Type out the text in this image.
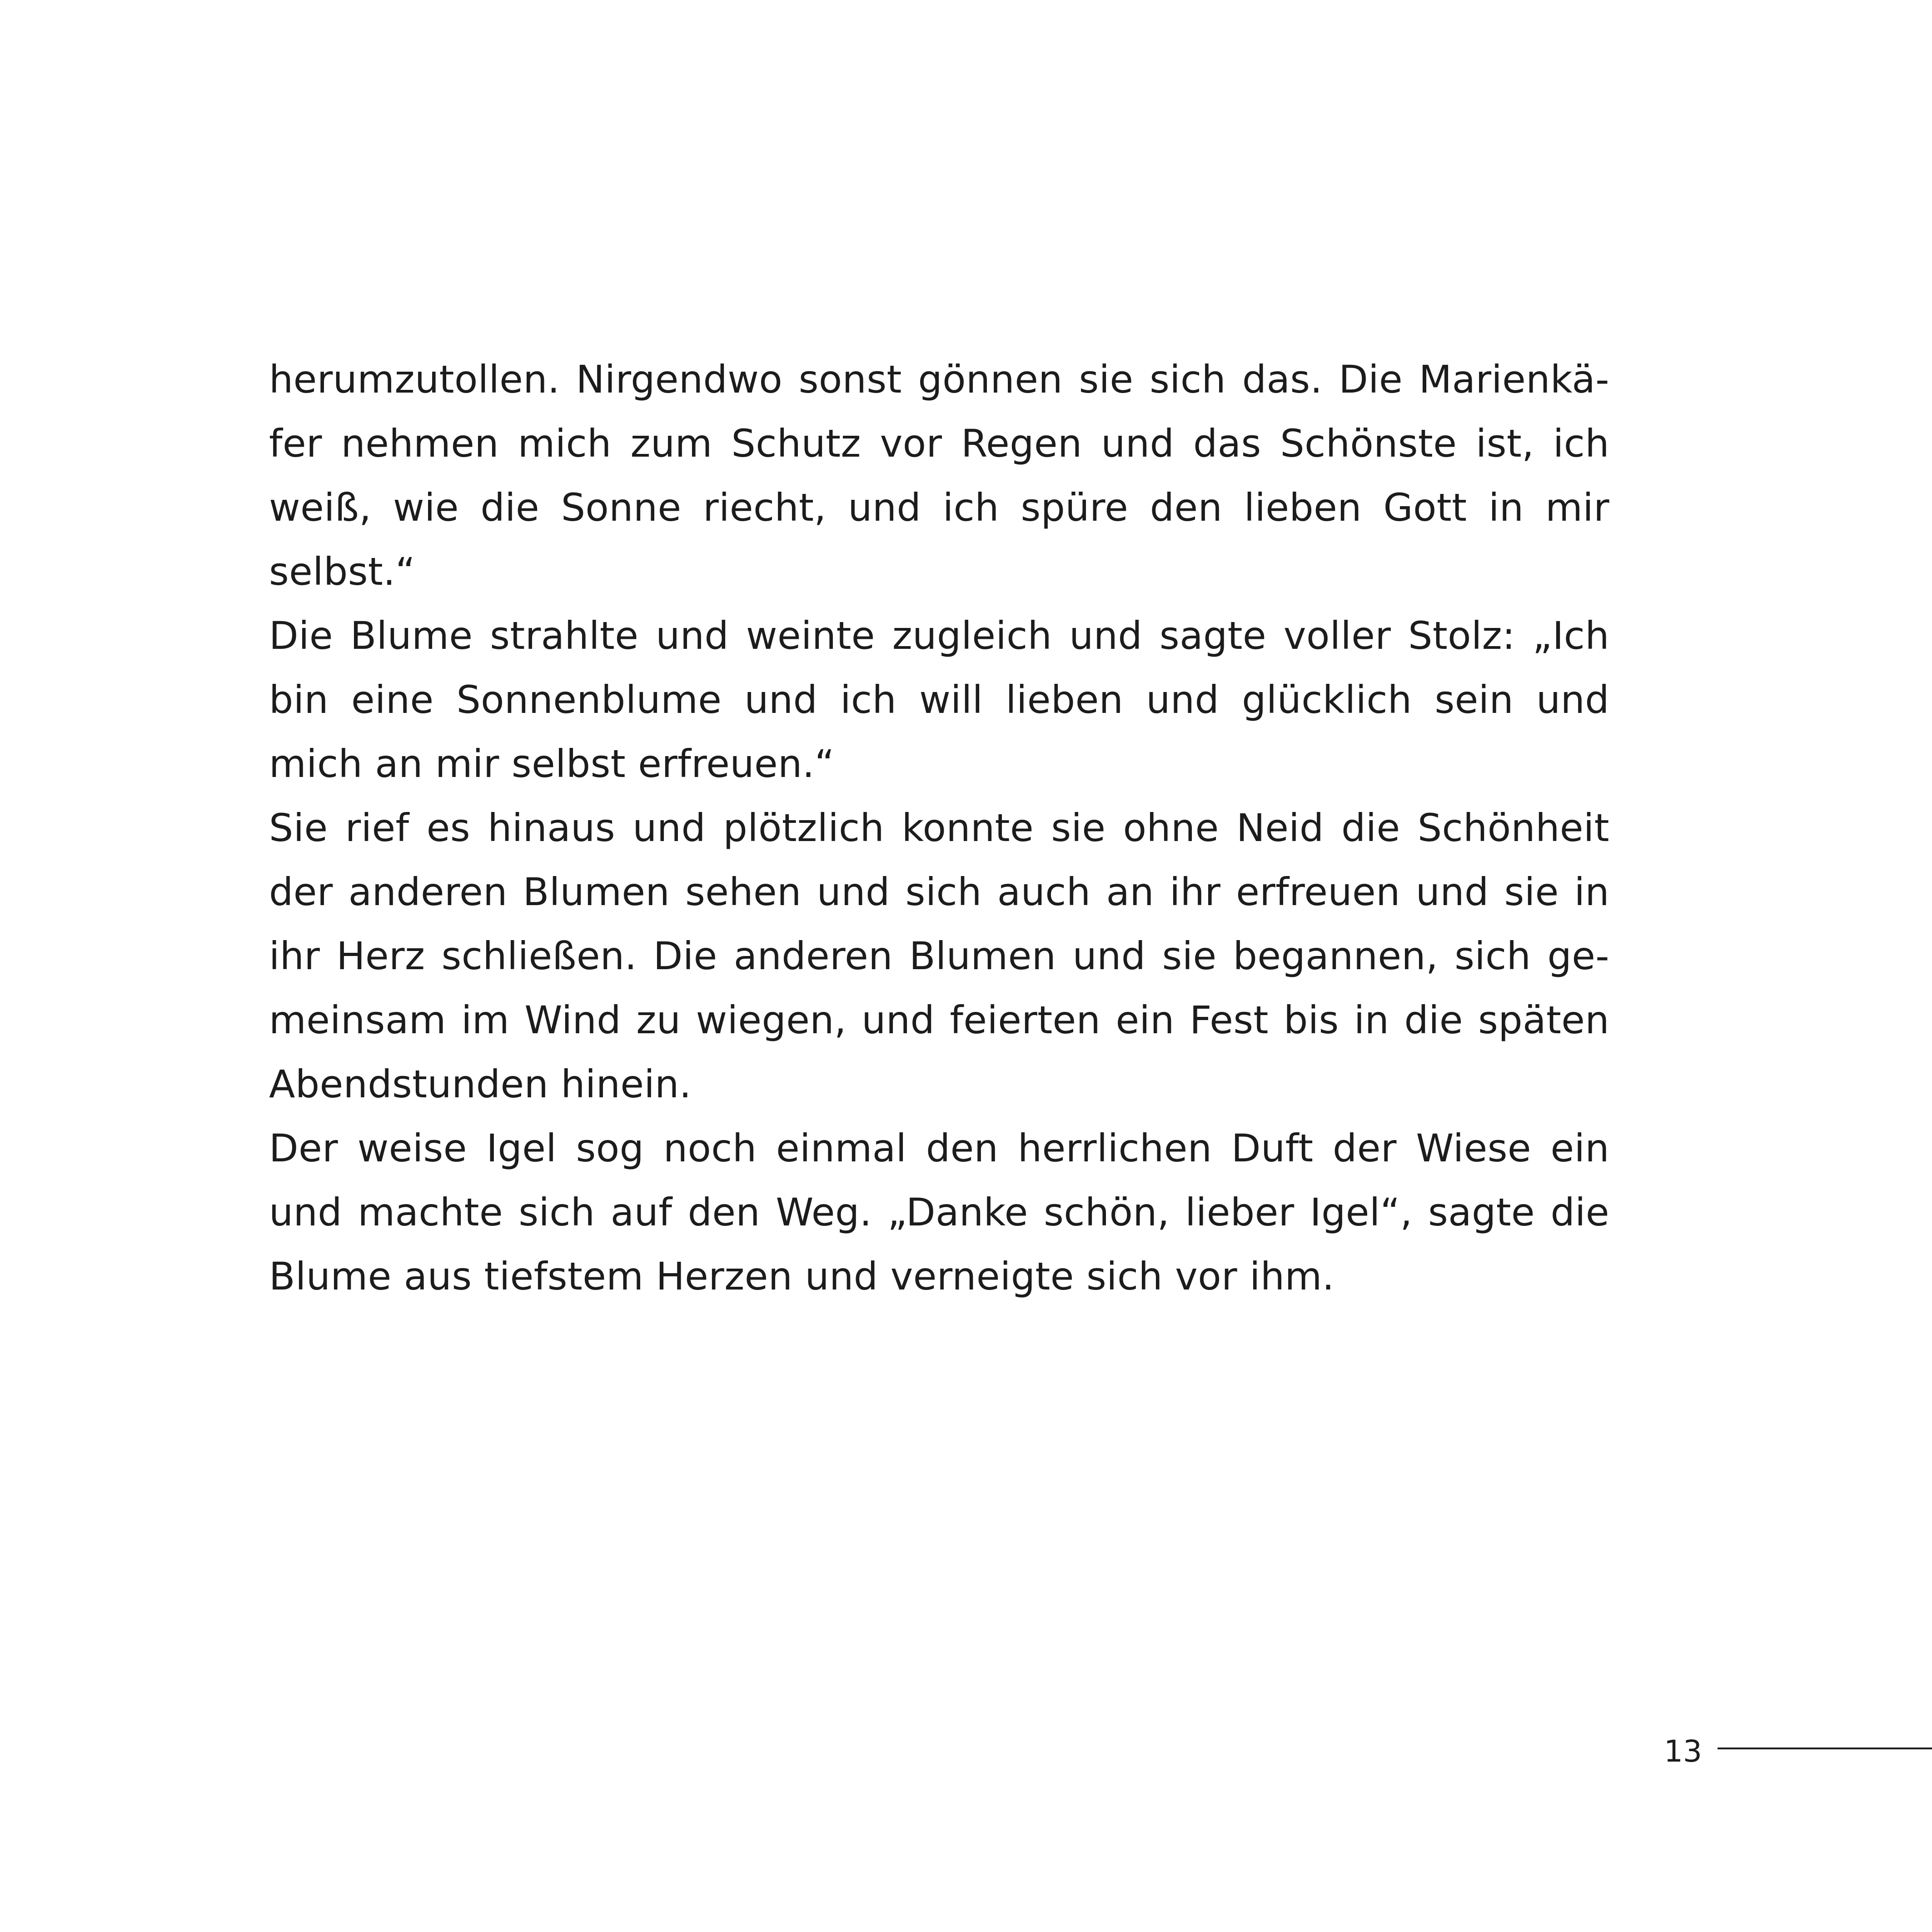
herumzutollen. Nirgendwo sonst gönnen sie sich das. Die Marienkä-
fer nehmen mich zum Schutz vor Regen und das Schönste ist, ich
weiß, wie die Sonne riecht, und ich spüre den lieben Gott in mir
selbst.“
Die Blume strahlte und weinte zugleich und sagte voller Stolz: „Ich
bin eine Sonnenblume und ich will lieben und glücklich sein und
mich an mir selbst erfreuen.“
Sie rief es hinaus und plötzlich konnte sie ohne Neid die Schönheit
der anderen Blumen sehen und sich auch an ihr erfreuen und sie in
ihr Herz schließen. Die anderen Blumen und sie begannen, sich ge-
meinsam im Wind zu wiegen, und feierten ein Fest bis in die späten
Abendstunden hinein.
Der weise Igel sog noch einmal den herrlichen Duft der Wiese ein
und machte sich auf den Weg. „Danke schön, lieber Igel“, sagte die
Blume aus tiefstem Herzen und verneigte sich vor ihm.
13
